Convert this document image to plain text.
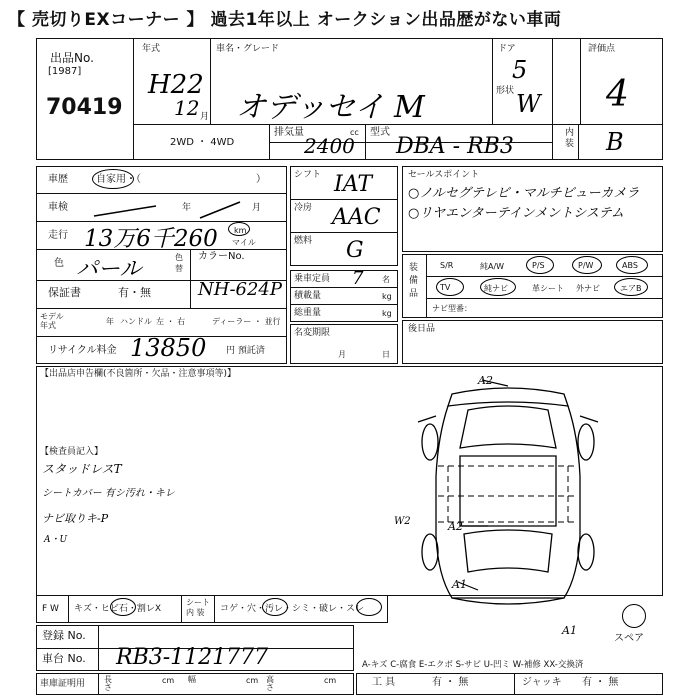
【 売切りEXコーナー 】 過去1年以上 オークション出品歴がない車両
出品No.
[1987]
70419
年式
H22
12 月
車名・グレード
オデッセイ M
ドア
5
形状 W
評価点
4
内装 B
2WD ・ 4WD
排気量	cc
2400
型式
DBA - RB3
車歴	自家用・（	）
車検	年	月
走行 13万6千260 km
マイル
色 パール	色替
カラーNo.
NH-624P
保証書	有・無
モデル
年式	年 ハンドル 左 ・ 右	ディーラー ・ 並行
リサイクル料金 13850 円 預託済
シフト IAT
冷房 AAC
燃料 G
乗車定員 7 名
積載量	kg
総重量	kg
名変期限
月	日
セールスポイント
○ノルセグテレビ・マルチビューカメラ
○リヤエンターテインメントシステム
装備品
S/R	純A/W	P/S	P/W	ABS
TV	純ナビ	革シート 外ナビ	エアB
ナビ型番：
後日品
【出品店申告欄(不良箇所・欠品・注意事項等)】
【検査員記入】
スタッドレスT
シートカバー 有シ汚れ・キレ
ナビ取りキ-P
A・U
A2
A2
A1
W2
A1
スペア
F W キズ・ヒビ石・割レX
シート
内 装 コゲ・穴・汚レ・シミ・破レ・スレ
登録 No.
車台 No. RB3-1121777	A-キズ C-腐食 E-エクボ S-サビ U-凹ミ W-補修 XX-交換済
車庫証明用 長さ
cm 幅	cm 高さ
cm	工 具	有 ・ 無	ジャッキ 有 ・ 無
